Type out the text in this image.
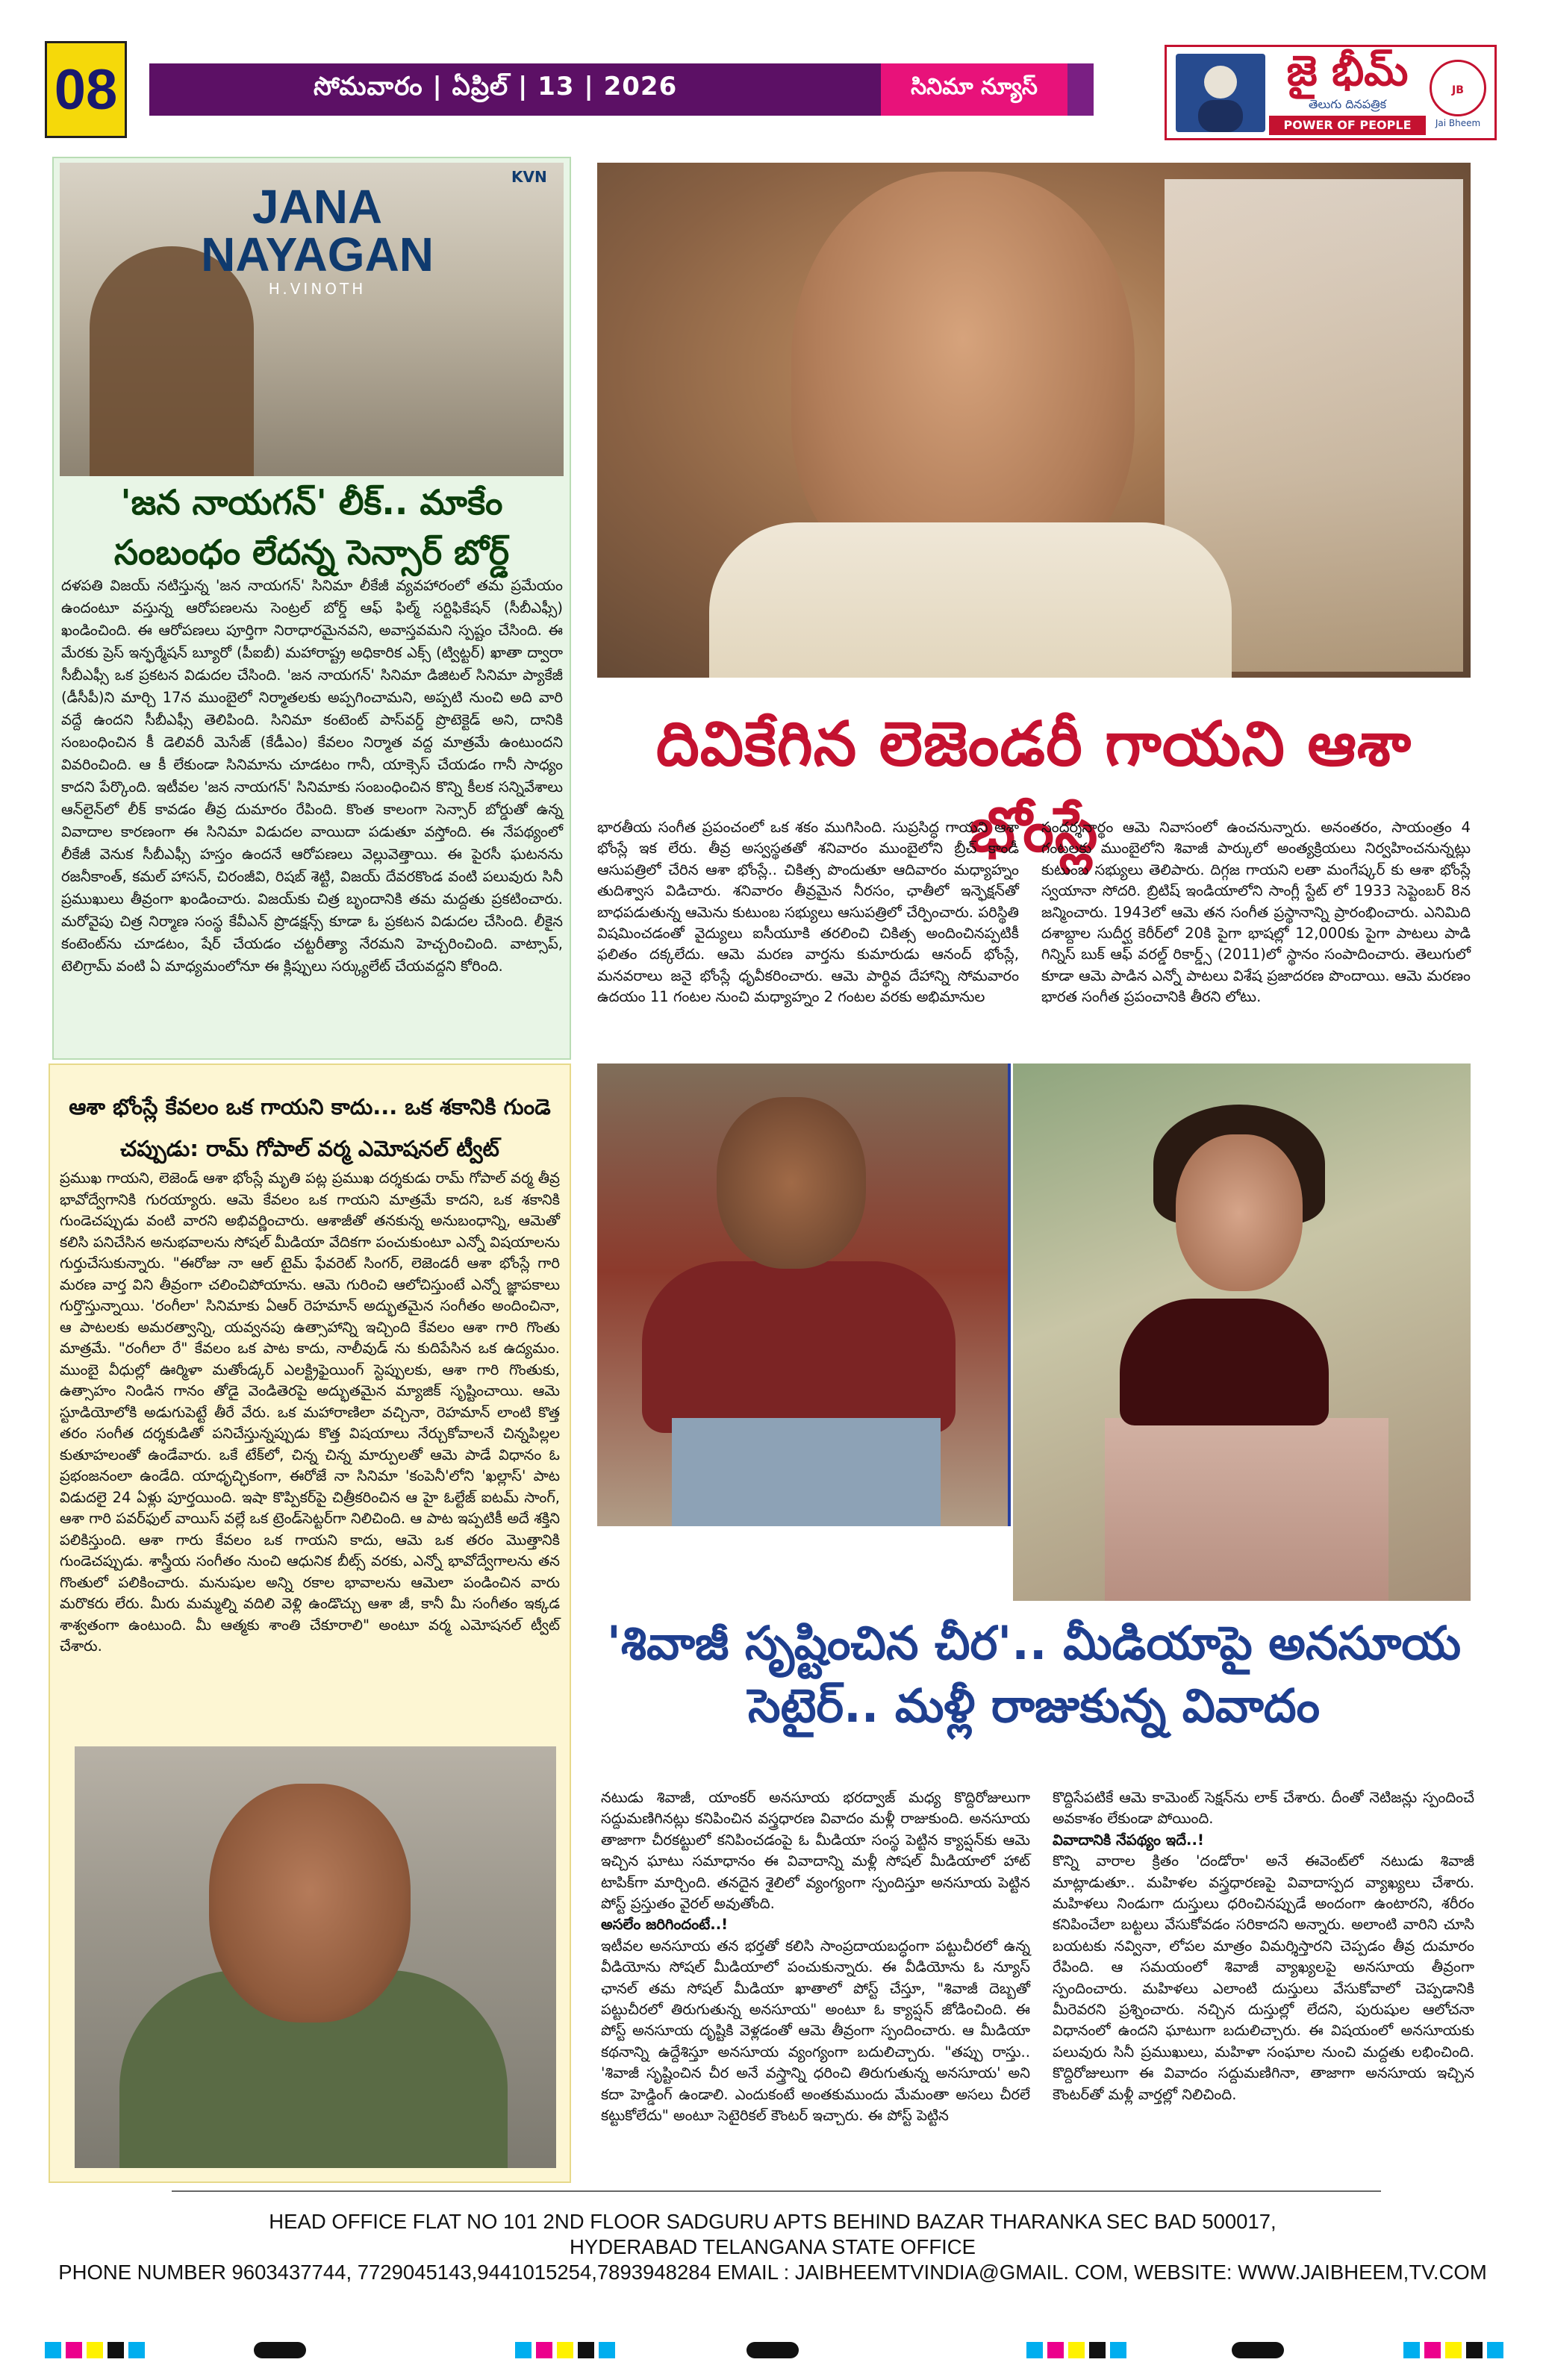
08	సోమవారం | ఏప్రిల్ | 13 | 2026	సినిమా న్యూస్	జై భీమ్
తెలుగు దినపత్రిక
POWER OF PEOPLE
JB
Jai Bheem
JANA NAYAGAN
H.VINOTH
KVN
'జన నాయగన్' లీక్.. మాకేం సంబంధం లేదన్న సెన్సార్ బోర్డ్
దళపతి విజయ్ నటిస్తున్న 'జన నాయగన్' సినిమా లీకేజీ వ్యవహారంలో తమ ప్రమేయం ఉందంటూ వస్తున్న ఆరోపణలను సెంట్రల్ బోర్డ్ ఆఫ్ ఫిల్మ్ సర్టిఫికేషన్ (సీబీఎఫ్సీ) ఖండించింది. ఈ ఆరోపణలు పూర్తిగా నిరాధారమైనవని, అవాస్తవమని స్పష్టం చేసింది. ఈ మేరకు ప్రెస్ ఇన్ఫర్మేషన్ బ్యూరో (పీఐబీ) మహారాష్ట్ర అధికారిక ఎక్స్ (ట్విట్టర్) ఖాతా ద్వారా సీబీఎఫ్సీ ఒక ప్రకటన విడుదల చేసింది. 'జన నాయగన్' సినిమా డిజిటల్ సినిమా ప్యాకేజీ (డీసీపీ)ని మార్చి 17న ముంబైలో నిర్మాతలకు అప్పగించామని, అప్పటి నుంచి అది వారి వద్దే ఉందని సీబీఎఫ్సీ తెలిపింది. సినిమా కంటెంట్ పాస్‌వర్డ్ ప్రొటెక్టెడ్ అని, దానికి సంబంధించిన కీ డెలివరీ మెసేజ్ (కేడీఎం) కేవలం నిర్మాత వద్ద మాత్రమే ఉంటుందని వివరించింది. ఆ కీ లేకుండా సినిమాను చూడటం గానీ, యాక్సెస్ చేయడం గానీ సాధ్యం కాదని పేర్కొంది. ఇటీవల 'జన నాయగన్' సినిమాకు సంబంధించిన కొన్ని కీలక సన్నివేశాలు ఆన్‌లైన్‌లో లీక్ కావడం తీవ్ర దుమారం రేపింది. కొంత కాలంగా సెన్సార్ బోర్డుతో ఉన్న వివాదాల కారణంగా ఈ సినిమా విడుదల వాయిదా పడుతూ వస్తోంది. ఈ నేపథ్యంలో లీకేజీ వెనుక సీబీఎఫ్సీ హస్తం ఉందనే ఆరోపణలు వెల్లువెత్తాయి. ఈ పైరసీ ఘటనను రజనీకాంత్, కమల్ హాసన్, చిరంజీవి, రిషబ్ శెట్టి, విజయ్ దేవరకొండ వంటి పలువురు సినీ ప్రముఖులు తీవ్రంగా ఖండించారు. విజయ్‌కు చిత్ర బృందానికి తమ మద్దతు ప్రకటించారు. మరోవైపు చిత్ర నిర్మాణ సంస్థ కేవీఎన్ ప్రొడక్షన్స్ కూడా ఓ ప్రకటన విడుదల చేసింది. లీకైన కంటెంట్‌ను చూడటం, షేర్ చేయడం చట్టరీత్యా నేరమని హెచ్చరించింది. వాట్సాప్, టెలిగ్రామ్ వంటి ఏ మాధ్యమంలోనూ ఈ క్లిప్పులు సర్క్యులేట్ చేయవద్దని కోరింది.
దివికేగిన లెజెండరీ గాయని ఆశా భోంస్లే
భారతీయ సంగీత ప్రపంచంలో ఒక శకం ముగిసింది. సుప్రసిద్ధ గాయని ఆశా భోంస్లే ఇక లేరు. తీవ్ర అస్వస్థతతో శనివారం ముంబైలోని బ్రీచ్ కాండీ ఆసుపత్రిలో చేరిన ఆశా భోంస్లే.. చికిత్స పొందుతూ ఆదివారం మధ్యాహ్నం తుదిశ్వాస విడిచారు. శనివారం తీవ్రమైన నీరసం, ఛాతీలో ఇన్ఫెక్షన్‌తో బాధపడుతున్న ఆమెను కుటుంబ సభ్యులు ఆసుపత్రిలో చేర్పించారు. పరిస్థితి విషమించడంతో వైద్యులు ఐసీయూకి తరలించి చికిత్స అందించినప్పటికీ ఫలితం దక్కలేదు. ఆమె మరణ వార్తను కుమారుడు ఆనంద్ భోంస్లే, మనవరాలు జనై భోంస్లే ధృవీకరించారు. ఆమె పార్థివ దేహాన్ని సోమవారం ఉదయం 11 గంటల నుంచి మధ్యాహ్నం 2 గంటల వరకు అభిమానుల
సందర్శనార్థం ఆమె నివాసంలో ఉంచనున్నారు. అనంతరం, సాయంత్రం 4 గంటలకు ముంబైలోని శివాజీ పార్కులో అంత్యక్రియలు నిర్వహించనున్నట్లు కుటుంబ సభ్యులు తెలిపారు. దిగ్గజ గాయని లతా మంగేష్కర్ కు ఆశా భోంస్లే స్వయానా సోదరి. బ్రిటిష్ ఇండియాలోని సాంగ్లీ స్టేట్ లో 1933 సెప్టెంబర్ 8న జన్మించారు. 1943లో ఆమె తన సంగీత ప్రస్థానాన్ని ప్రారంభించారు. ఎనిమిది దశాబ్దాల సుదీర్ఘ కెరీర్‌లో 20కి పైగా భాషల్లో 12,000కు పైగా పాటలు పాడి గిన్నిస్ బుక్ ఆఫ్ వరల్డ్ రికార్డ్స్ (2011)లో స్థానం సంపాదించారు. తెలుగులో కూడా ఆమె పాడిన ఎన్నో పాటలు విశేష ప్రజాదరణ పొందాయి. ఆమె మరణం భారత సంగీత ప్రపంచానికి తీరని లోటు.
ఆశా భోంస్లే కేవలం ఒక గాయని కాదు... ఒక శకానికి గుండె చప్పుడు: రామ్ గోపాల్ వర్మ ఎమోషనల్ ట్వీట్
ప్రముఖ గాయని, లెజెండ్ ఆశా భోంస్లే మృతి పట్ల ప్రముఖ దర్శకుడు రామ్ గోపాల్ వర్మ తీవ్ర భావోద్వేగానికి గురయ్యారు. ఆమె కేవలం ఒక గాయని మాత్రమే కాదని, ఒక శకానికి గుండెచప్పుడు వంటి వారని అభివర్ణించారు. ఆశాజీతో తనకున్న అనుబంధాన్ని, ఆమెతో కలిసి పనిచేసిన అనుభవాలను సోషల్ మీడియా వేదికగా పంచుకుంటూ ఎన్నో విషయాలను గుర్తుచేసుకున్నారు. "ఈరోజు నా ఆల్ టైమ్ ఫేవరెట్ సింగర్, లెజెండరీ ఆశా భోంస్లే గారి మరణ వార్త విని తీవ్రంగా చలించిపోయాను. ఆమె గురించి ఆలోచిస్తుంటే ఎన్నో జ్ఞాపకాలు గుర్తొస్తున్నాయి. 'రంగీలా' సినిమాకు ఏఆర్ రెహమాన్ అద్భుతమైన సంగీతం అందించినా, ఆ పాటలకు అమరత్వాన్ని, యవ్వనపు ఉత్సాహాన్ని ఇచ్చింది కేవలం ఆశా గారి గొంతు మాత్రమే. "రంగీలా రే" కేవలం ఒక పాట కాదు, నాలీవుడ్ ను కుదిపేసిన ఒక ఉద్యమం. ముంబై వీధుల్లో ఊర్మిళా మతోండ్కర్ ఎలక్ట్రిఫైయింగ్ స్టెప్పులకు, ఆశా గారి గొంతుకు, ఉత్సాహం నిండిన గానం తోడై వెండితెరపై అద్భుతమైన మ్యాజిక్ సృష్టించాయి. ఆమె స్టూడియోలోకి అడుగుపెట్టే తీరే వేరు. ఒక మహారాణిలా వచ్చినా, రెహమాన్ లాంటి కొత్త తరం సంగీత దర్శకుడితో పనిచేస్తున్నప్పుడు కొత్త విషయాలు నేర్చుకోవాలనే చిన్నపిల్లల కుతూహలంతో ఉండేవారు. ఒకే టేక్‌లో, చిన్న చిన్న మార్పులతో ఆమె పాడే విధానం ఓ ప్రభంజనంలా ఉండేది. యాధృచ్ఛికంగా, ఈరోజే నా సినిమా 'కంపెనీ'లోని 'ఖల్లాస్' పాట విడుదలై 24 ఏళ్లు పూర్తయింది. ఇషా కొప్పికర్‌పై చిత్రీకరించిన ఆ హై ఓల్టేజ్ ఐటమ్ సాంగ్, ఆశా గారి పవర్‌ఫుల్ వాయిస్ వల్లే ఒక ట్రెండ్‌సెట్టర్‌గా నిలిచింది. ఆ పాట ఇప్పటికీ అదే శక్తిని పలికిస్తుంది. ఆశా గారు కేవలం ఒక గాయని కాదు, ఆమె ఒక తరం మొత్తానికి గుండెచప్పుడు. శాస్త్రీయ సంగీతం నుంచి ఆధునిక బీట్స్ వరకు, ఎన్నో భావోద్వేగాలను తన గొంతులో పలికించారు. మనుషుల అన్ని రకాల భావాలను ఆమెలా పండించిన వారు మరొకరు లేరు. మీరు మమ్మల్ని వదిలి వెళ్లి ఉండొచ్చు ఆశా జీ, కానీ మీ సంగీతం ఇక్కడ శాశ్వతంగా ఉంటుంది. మీ ఆత్మకు శాంతి చేకూరాలి" అంటూ వర్మ ఎమోషనల్ ట్వీట్ చేశారు.	'శివాజీ సృష్టించిన చీర'.. మీడియాపై అనసూయ సెటైర్.. మళ్లీ రాజుకున్న వివాదం
నటుడు శివాజీ, యాంకర్ అనసూయ భరద్వాజ్ మధ్య కొద్దిరోజులుగా సద్దుమణిగినట్లు కనిపించిన వస్త్రధారణ వివాదం మళ్లీ రాజుకుంది. అనసూయ తాజాగా చీరకట్టులో కనిపించడంపై ఓ మీడియా సంస్థ పెట్టిన క్యాప్షన్‌కు ఆమె ఇచ్చిన ఘాటు సమాధానం ఈ వివాదాన్ని మళ్లీ సోషల్ మీడియాలో హాట్ టాపిక్‌గా మార్చింది. తనదైన శైలిలో వ్యంగ్యంగా స్పందిస్తూ అనసూయ పెట్టిన పోస్ట్ ప్రస్తుతం వైరల్ అవుతోంది.
అసలేం జరిగిందంటే..!
ఇటీవల అనసూయ తన భర్తతో కలిసి సాంప్రదాయబద్ధంగా పట్టుచీరలో ఉన్న వీడియోను సోషల్ మీడియాలో పంచుకున్నారు. ఈ వీడియోను ఓ న్యూస్ ఛానల్ తమ సోషల్ మీడియా ఖాతాలో పోస్ట్ చేస్తూ, "శివాజీ దెబ్బతో పట్టుచీరలో తిరుగుతున్న అనసూయ" అంటూ ఓ క్యాప్షన్ జోడించింది. ఈ పోస్ట్ అనసూయ దృష్టికి వెళ్లడంతో ఆమె తీవ్రంగా స్పందించారు. ఆ మీడియా కథనాన్ని ఉద్దేశిస్తూ అనసూయ వ్యంగ్యంగా బదులిచ్చారు. "తప్పు రాస్తు.. 'శివాజీ సృష్టించిన చీర అనే వస్త్రాన్ని ధరించి తిరుగుతున్న అనసూయ' అని కదా హెడ్డింగ్ ఉండాలి. ఎందుకంటే అంతకుముందు మేమంతా అసలు చీరలే కట్టుకోలేదు" అంటూ సెటైరికల్ కౌంటర్ ఇచ్చారు. ఈ పోస్ట్ పెట్టిన
కొద్దిసేపటికే ఆమె కామెంట్ సెక్షన్‌ను లాక్ చేశారు. దీంతో నెటిజన్లు స్పందించే అవకాశం లేకుండా పోయింది.
వివాదానికి నేపథ్యం ఇదే..!
కొన్ని వారాల క్రితం 'దండోరా' అనే ఈవెంట్‌లో నటుడు శివాజీ మాట్లాడుతూ.. మహిళల వస్త్రధారణపై వివాదాస్పద వ్యాఖ్యలు చేశారు. మహిళలు నిండుగా దుస్తులు ధరించినప్పుడే అందంగా ఉంటారని, శరీరం కనిపించేలా బట్టలు వేసుకోవడం సరికాదని అన్నారు. అలాంటి వారిని చూసి బయటకు నవ్వినా, లోపల మాత్రం విమర్శిస్తారని చెప్పడం తీవ్ర దుమారం రేపింది. ఆ సమయంలో శివాజీ వ్యాఖ్యలపై అనసూయ తీవ్రంగా స్పందించారు. మహిళలు ఎలాంటి దుస్తులు వేసుకోవాలో చెప్పడానికి మీరెవరని ప్రశ్నించారు. నచ్చిన దుస్తుల్లో లేదని, పురుషుల ఆలోచనా విధానంలో ఉందని ఘాటుగా బదులిచ్చారు. ఈ విషయంలో అనసూయకు పలువురు సినీ ప్రముఖులు, మహిళా సంఘాల నుంచి మద్దతు లభించింది. కొద్దిరోజులుగా ఈ వివాదం సద్దుమణిగినా, తాజాగా అనసూయ ఇచ్చిన కౌంటర్‌తో మళ్లీ వార్తల్లో నిలిచింది.
HEAD OFFICE FLAT NO 101 2ND FLOOR SADGURU APTS BEHIND BAZAR THARANKA SEC BAD 500017,
HYDERABAD TELANGANA STATE OFFICE
PHONE NUMBER 9603437744, 7729045143,9441015254,7893948284 EMAIL : JAIBHEEMTVINDIA@GMAIL. COM, WEBSITE: WWW.JAIBHEEM,TV.COM
